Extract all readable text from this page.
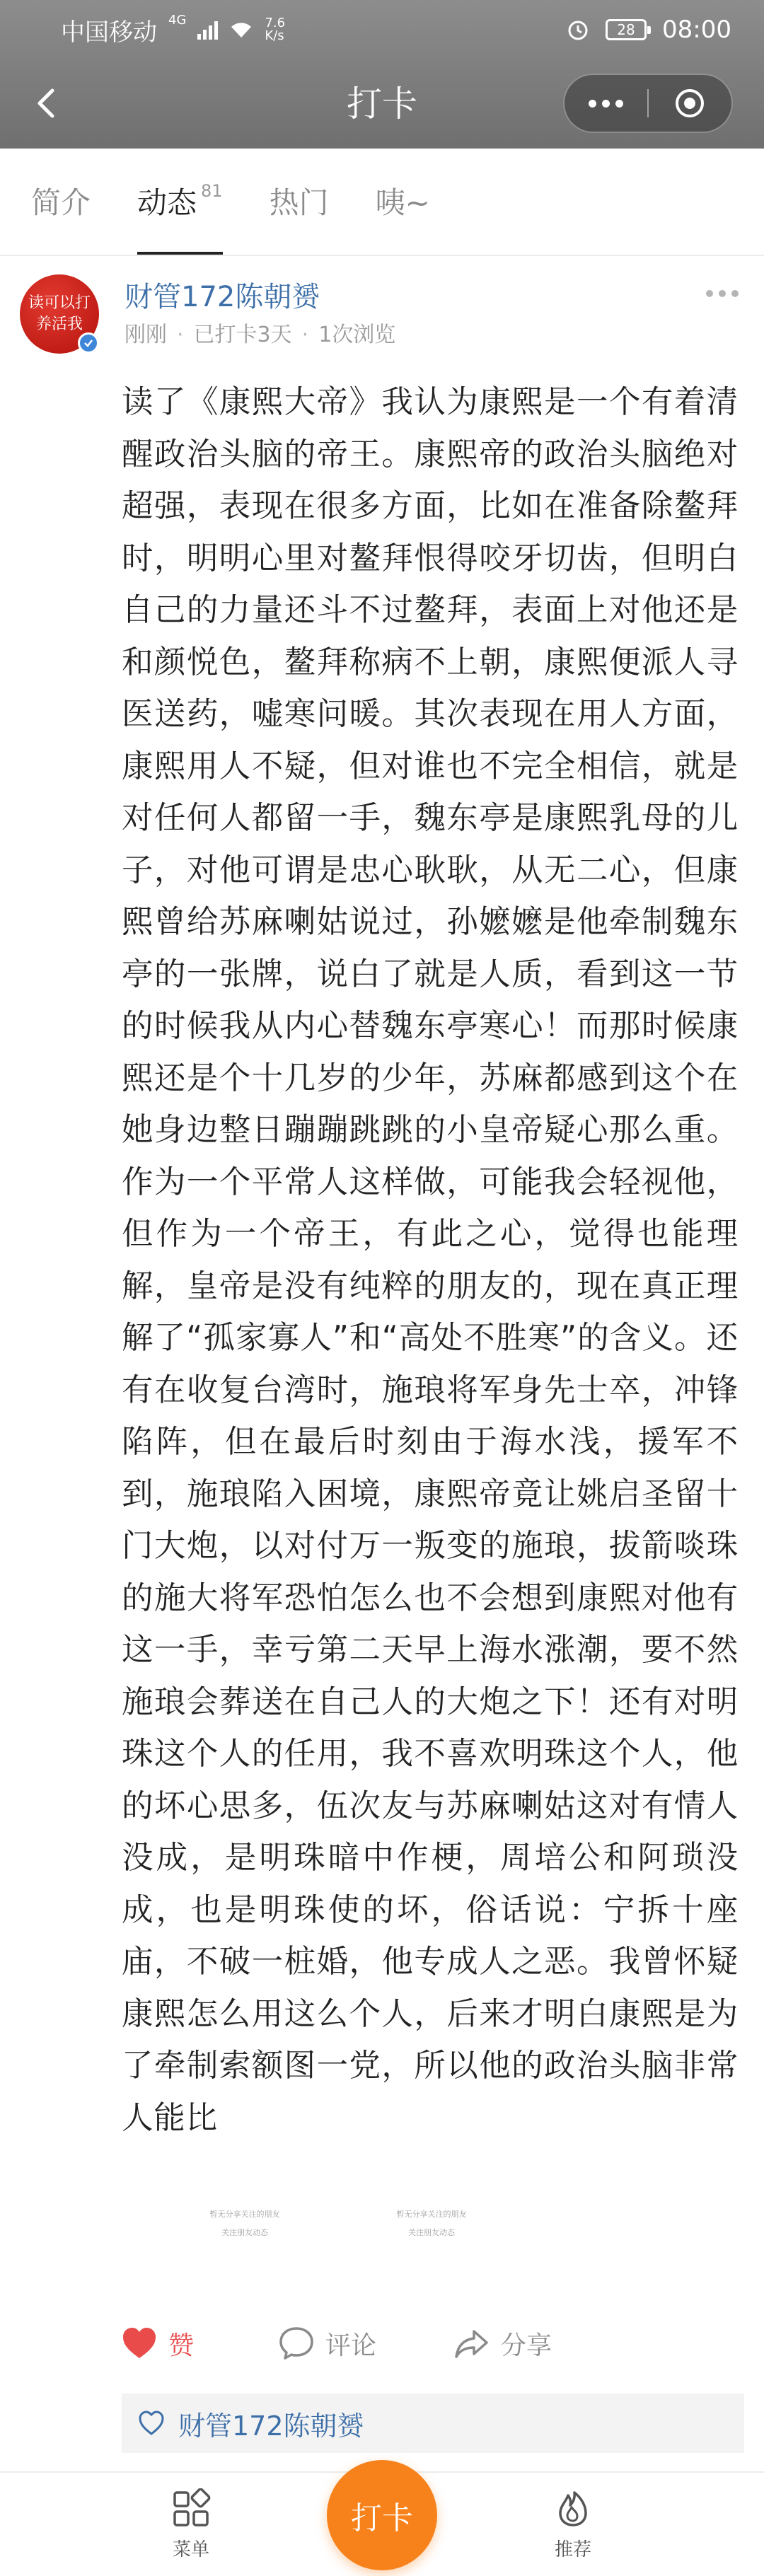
中国移动 4G	7.6
K/s	28	08:00
打卡
简介 动态 81 热门 咦~
读可以打养活我
财管172陈朝赟
刚刚 · 已打卡3天 · 1次浏览
读了《康熙大帝》我认为康熙是一个有着清醒政治头脑的帝王。康熙帝的政治头脑绝对超强，表现在很多方面，比如在准备除鳌拜时，明明心里对鳌拜恨得咬牙切齿，但明白自己的力量还斗不过鳌拜，表面上对他还是和颜悦色，鳌拜称病不上朝，康熙便派人寻医送药，嘘寒问暖。其次表现在用人方面，康熙用人不疑，但对谁也不完全相信，就是对任何人都留一手，魏东亭是康熙乳母的儿子，对他可谓是忠心耿耿，从无二心，但康熙曾给苏麻喇姑说过，孙嬷嬷是他牵制魏东亭的一张牌，说白了就是人质，看到这一节的时候我从内心替魏东亭寒心！而那时候康熙还是个十几岁的少年，苏麻都感到这个在她身边整日蹦蹦跳跳的小皇帝疑心那么重。作为一个平常人这样做，可能我会轻视他，但作为一个帝王，有此之心，觉得也能理解，皇帝是没有纯粹的朋友的，现在真正理解了“孤家寡人”和“高处不胜寒”的含义。还有在收复台湾时，施琅将军身先士卒，冲锋陷阵，但在最后时刻由于海水浅，援军不到，施琅陷入困境，康熙帝竟让姚启圣留十门大炮，以对付万一叛变的施琅，拔箭啖珠的施大将军恐怕怎么也不会想到康熙对他有这一手，幸亏第二天早上海水涨潮，要不然施琅会葬送在自己人的大炮之下！还有对明珠这个人的任用，我不喜欢明珠这个人，他的坏心思多，伍次友与苏麻喇姑这对有情人没成，是明珠暗中作梗，周培公和阿琐没成，也是明珠使的坏，俗话说：宁拆十座庙，不破一桩婚，他专成人之恶。我曾怀疑康熙怎么用这么个人，后来才明白康熙是为了牵制索额图一党，所以他的政治头脑非常人能比
暂无分享关注的朋友
关注朋友动态
暂无分享关注的朋友
关注朋友动态
赞	评论	分享
财管172陈朝赟
菜单	推荐
打卡
